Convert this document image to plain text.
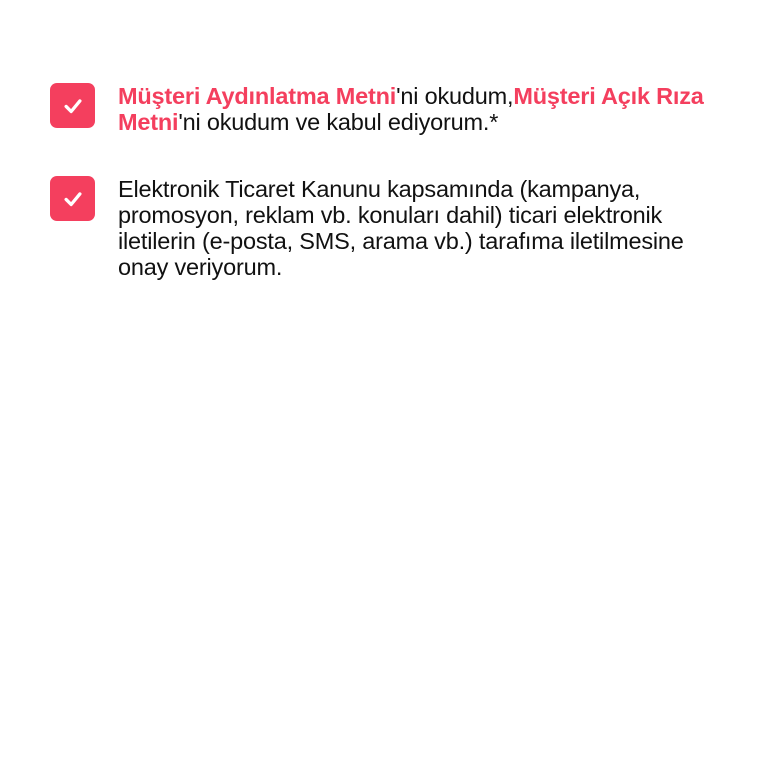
Müşteri Aydınlatma Metni'ni okudum,Müşteri Açık Rıza Metni'ni okudum ve kabul ediyorum.*
Elektronik Ticaret Kanunu kapsamında (kampanya, promosyon, reklam vb. konuları dahil) ticari elektronik iletilerin (e-posta, SMS, arama vb.) tarafıma iletilmesine onay veriyorum.
